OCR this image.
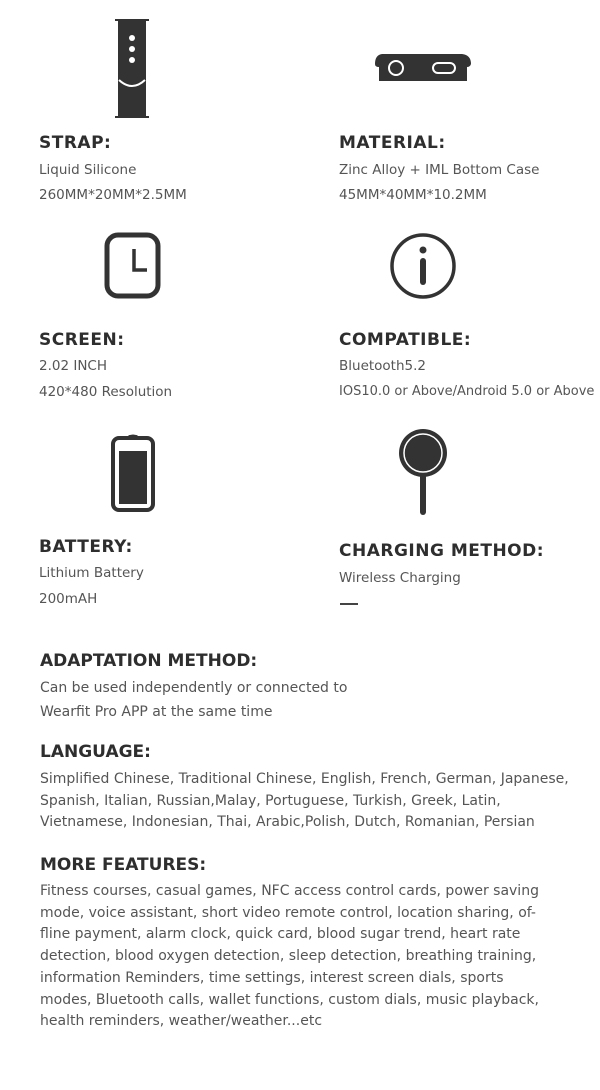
STRAP:
Liquid Silicone
260MM*20MM*2.5MM
MATERIAL:
Zinc Alloy + IML Bottom Case
45MM*40MM*10.2MM
SCREEN:
2.02 INCH
420*480 Resolution
COMPATIBLE:
Bluetooth5.2
IOS10.0 or Above/Android 5.0 or Above
BATTERY:
Lithium Battery
200mAH
CHARGING METHOD:
Wireless Charging
ADAPTATION METHOD:
Can be used independently or connected to
Wearfit Pro APP at the same time
LANGUAGE:
Simplified Chinese, Traditional Chinese, English, French, German, Japanese,
Spanish, Italian, Russian,Malay, Portuguese, Turkish, Greek, Latin,
Vietnamese, Indonesian, Thai, Arabic,Polish, Dutch, Romanian, Persian
MORE FEATURES:
Fitness courses, casual games, NFC access control cards, power saving
mode, voice assistant, short video remote control, location sharing, of-
fline payment, alarm clock, quick card, blood sugar trend, heart rate
detection, blood oxygen detection, sleep detection, breathing training,
information Reminders, time settings, interest screen dials, sports
modes, Bluetooth calls, wallet functions, custom dials, music playback,
health reminders, weather/weather...etc
